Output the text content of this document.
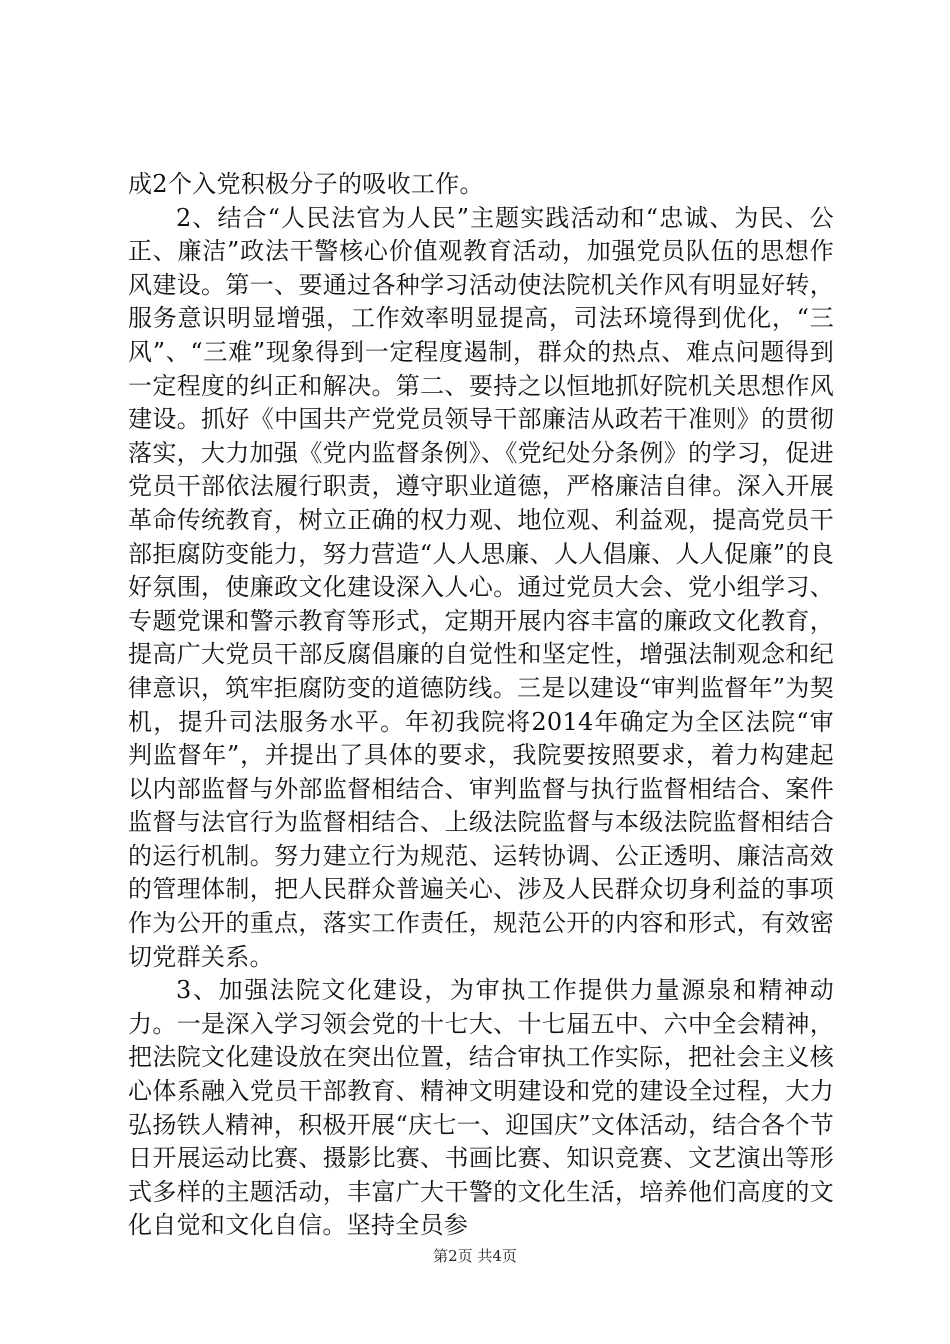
成2个入党积极分子的吸收工作。

2、结合“人民法官为人民”主题实践活动和“忠诚、为民、公正、廉洁”政法干警核心价值观教育活动，加强党员队伍的思想作风建设。第一、要通过各种学习活动使法院机关作风有明显好转，服务意识明显增强，工作效率明显提高，司法环境得到优化，“三风”、“三难”现象得到一定程度遏制，群众的热点、难点问题得到一定程度的纠正和解决。第二、要持之以恒地抓好院机关思想作风建设。抓好《中国共产党党员领导干部廉洁从政若干准则》的贯彻落实，大力加强《党内监督条例》、《党纪处分条例》的学习，促进党员干部依法履行职责，遵守职业道德，严格廉洁自律。深入开展革命传统教育，树立正确的权力观、地位观、利益观，提高党员干部拒腐防变能力，努力营造“人人思廉、人人倡廉、人人促廉”的良好氛围，使廉政文化建设深入人心。通过党员大会、党小组学习、专题党课和警示教育等形式，定期开展内容丰富的廉政文化教育，提高广大党员干部反腐倡廉的自觉性和坚定性，增强法制观念和纪律意识，筑牢拒腐防变的道德防线。三是以建设“审判监督年”为契机，提升司法服务水平。年初我院将2014年确定为全区法院“审判监督年”，并提出了具体的要求，我院要按照要求，着力构建起以内部监督与外部监督相结合、审判监督与执行监督相结合、案件监督与法官行为监督相结合、上级法院监督与本级法院监督相结合的运行机制。努力建立行为规范、运转协调、公正透明、廉洁高效的管理体制，把人民群众普遍关心、涉及人民群众切身利益的事项作为公开的重点，落实工作责任，规范公开的内容和形式，有效密切党群关系。

3、加强法院文化建设，为审执工作提供力量源泉和精神动力。一是深入学习领会党的十七大、十七届五中、六中全会精神，把法院文化建设放在突出位置，结合审执工作实际，把社会主义核心体系融入党员干部教育、精神文明建设和党的建设全过程，大力弘扬铁人精神，积极开展“庆七一、迎国庆”文体活动，结合各个节日开展运动比赛、摄影比赛、书画比赛、知识竞赛、文艺演出等形式多样的主题活动，丰富广大干警的文化生活，培养他们高度的文化自觉和文化自信。坚持全员参

第2页 共4页
